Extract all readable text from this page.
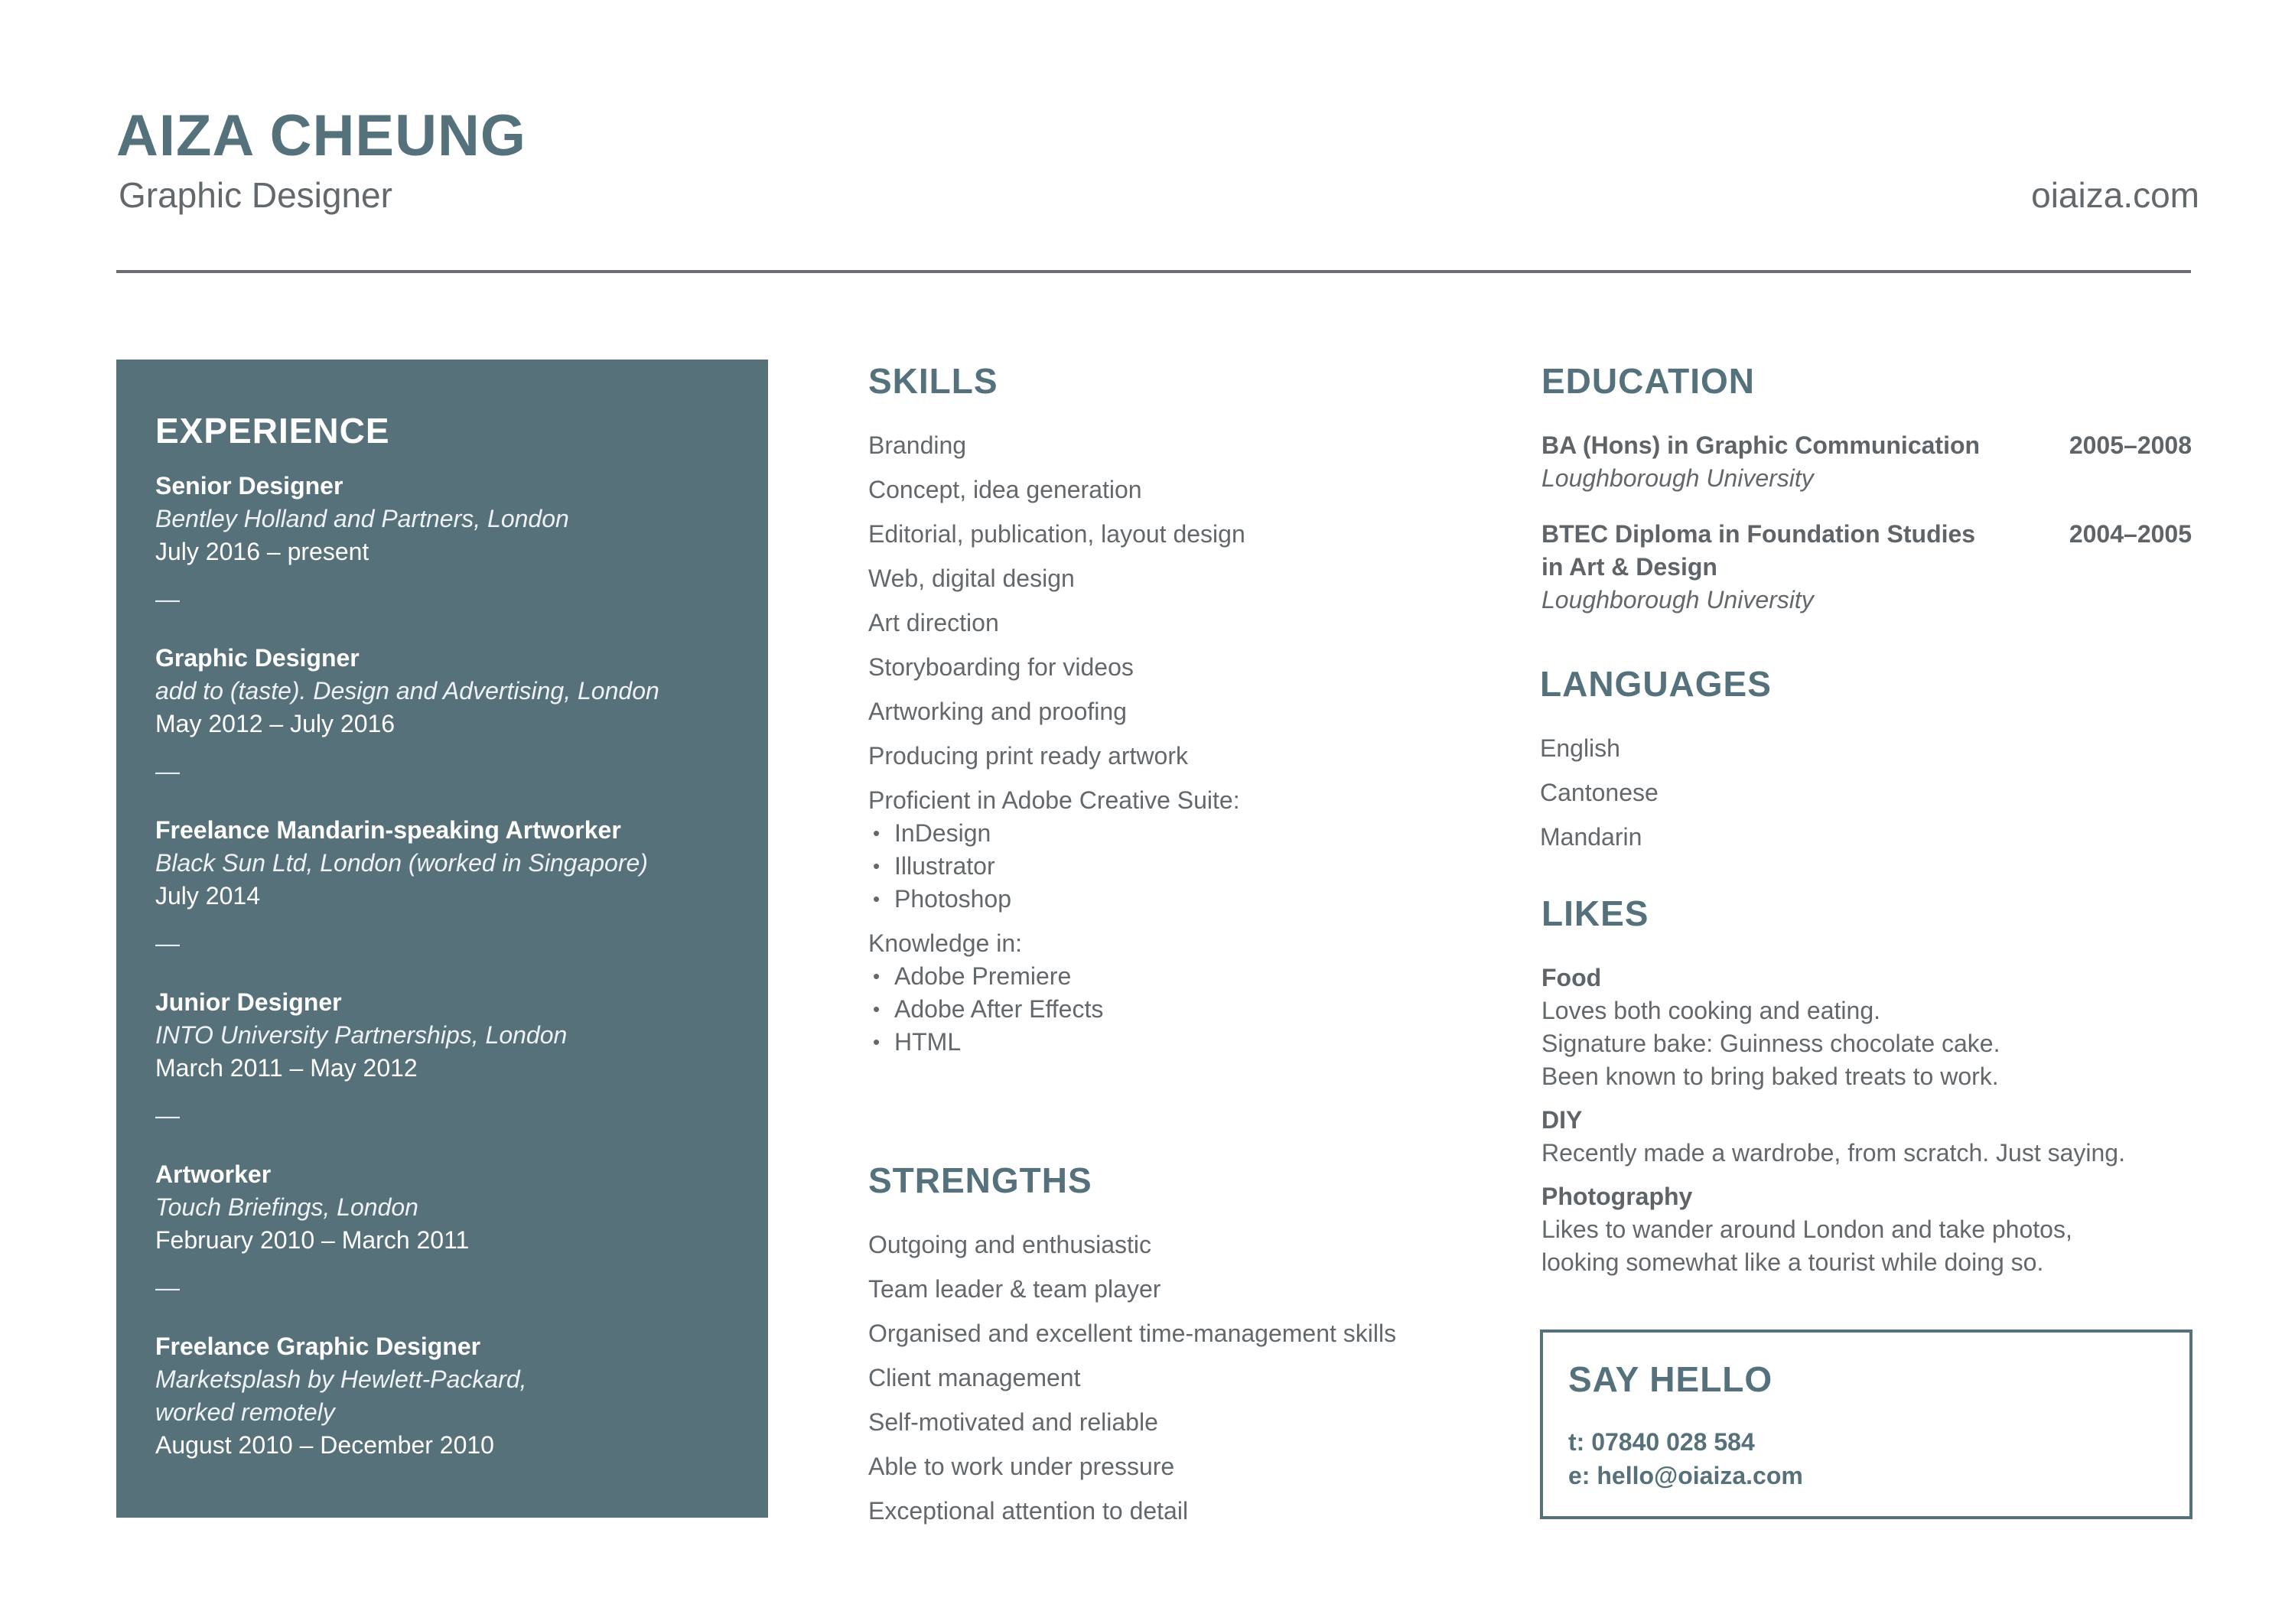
AIZA CHEUNG
Graphic Designer	oiaiza.com
EXPERIENCE
Senior Designer
Bentley Holland and Partners, London
July 2016 – present
—
Graphic Designer
add to (taste). Design and Advertising, London
May 2012 – July 2016
—
Freelance Mandarin-speaking Artworker
Black Sun Ltd, London (worked in Singapore)
July 2014
—
Junior Designer
INTO University Partnerships, London
March 2011 – May 2012
—
Artworker
Touch Briefings, London
February 2010 – March 2011
—
Freelance Graphic Designer
Marketsplash by Hewlett-Packard,
worked remotely
August 2010 – December 2010
SKILLS
Branding
Concept, idea generation
Editorial, publication, layout design
Web, digital design
Art direction
Storyboarding for videos
Artworking and proofing
Producing print ready artwork
Proficient in Adobe Creative Suite:
• InDesign
• Illustrator
• Photoshop
Knowledge in:
• Adobe Premiere
• Adobe After Effects
• HTML
STRENGTHS
Outgoing and enthusiastic
Team leader & team player
Organised and excellent time-management skills
Client management
Self-motivated and reliable
Able to work under pressure
Exceptional attention to detail
EDUCATION
BA (Hons) in Graphic Communication	2005–2008
Loughborough University
BTEC Diploma in Foundation Studies
in Art & Design
2004–2005
Loughborough University
LANGUAGES
English
Cantonese
Mandarin
LIKES
Food
Loves both cooking and eating.
Signature bake: Guinness chocolate cake.
Been known to bring baked treats to work.
DIY
Recently made a wardrobe, from scratch. Just saying.
Photography
Likes to wander around London and take photos,
looking somewhat like a tourist while doing so.
SAY HELLO
t: 07840 028 584
e: hello@oiaiza.com
